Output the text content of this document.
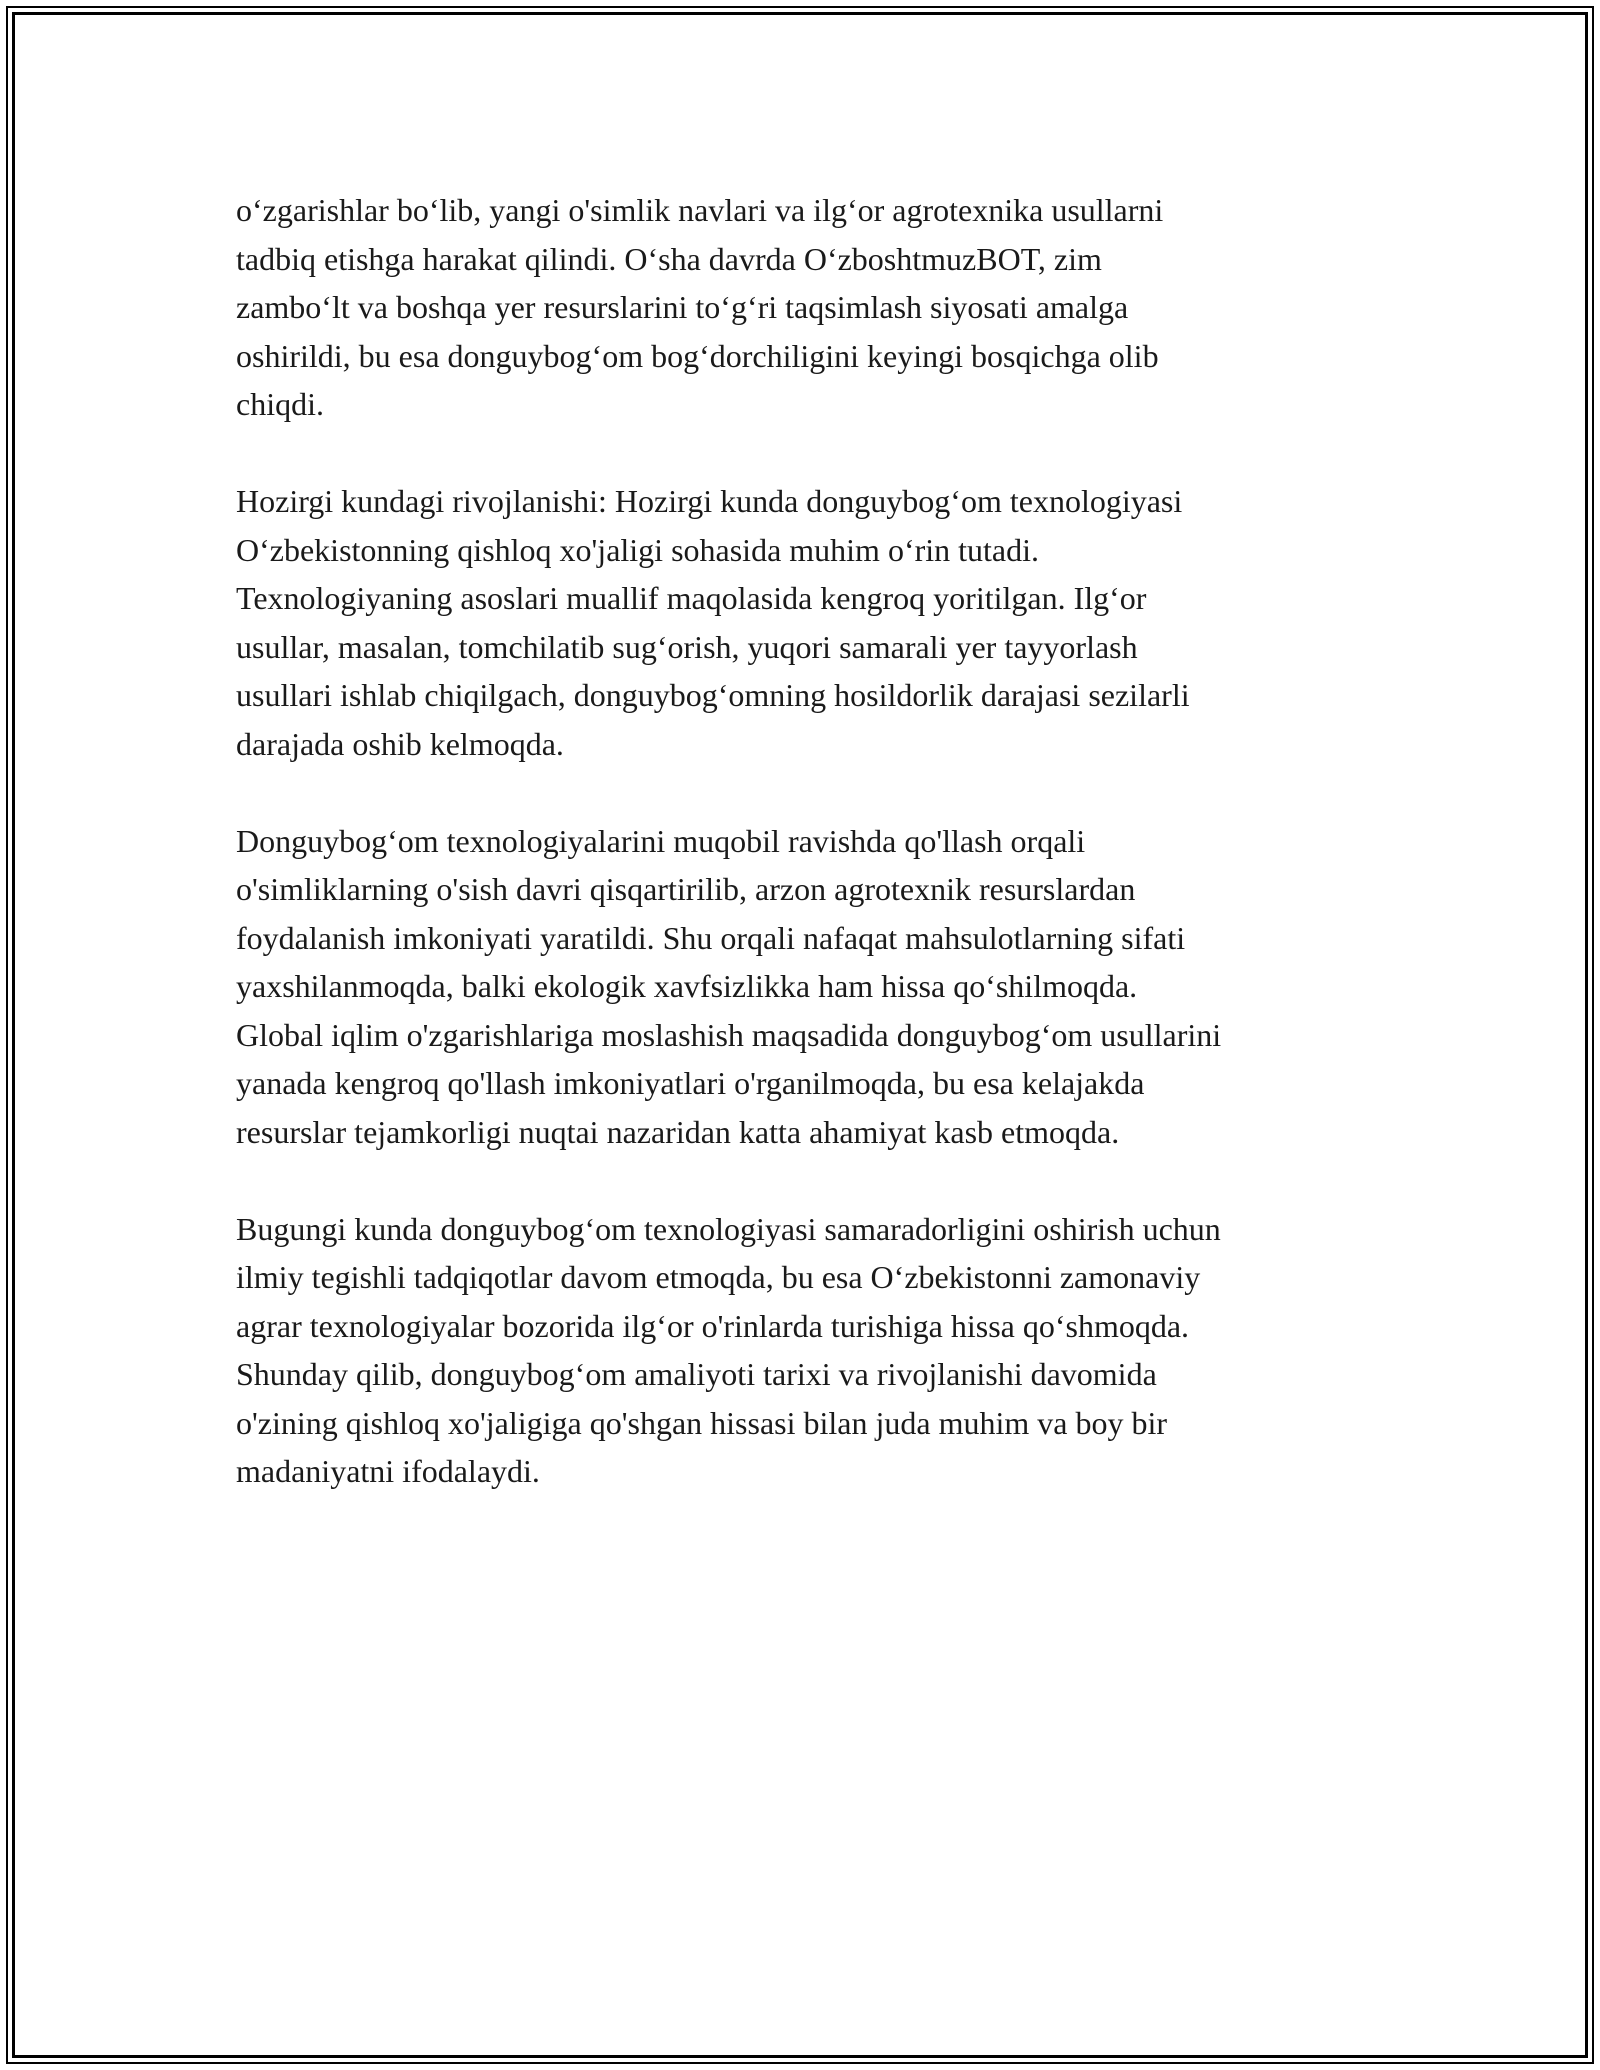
o‘zgarishlar bo‘lib, yangi o'simlik navlari va ilg‘or agrotexnika usullarni
tadbiq etishga harakat qilindi. O‘sha davrda O‘zboshtmuzBOT, zim
zambo‘lt va boshqa yer resurslarini to‘g‘ri taqsimlash siyosati amalga
oshirildi, bu esa donguybog‘om bog‘dorchiligini keyingi bosqichga olib
chiqdi.

Hozirgi kundagi rivojlanishi: Hozirgi kunda donguybog‘om texnologiyasi
O‘zbekistonning qishloq xo'jaligi sohasida muhim o‘rin tutadi.
Texnologiyaning asoslari muallif maqolasida kengroq yoritilgan. Ilg‘or
usullar, masalan, tomchilatib sug‘orish, yuqori samarali yer tayyorlash
usullari ishlab chiqilgach, donguybog‘omning hosildorlik darajasi sezilarli
darajada oshib kelmoqda.

Donguybog‘om texnologiyalarini muqobil ravishda qo'llash orqali
o'simliklarning o'sish davri qisqartirilib, arzon agrotexnik resurslardan
foydalanish imkoniyati yaratildi. Shu orqali nafaqat mahsulotlarning sifati
yaxshilanmoqda, balki ekologik xavfsizlikka ham hissa qo‘shilmoqda.
Global iqlim o'zgarishlariga moslashish maqsadida donguybog‘om usullarini
yanada kengroq qo'llash imkoniyatlari o'rganilmoqda, bu esa kelajakda
resurslar tejamkorligi nuqtai nazaridan katta ahamiyat kasb etmoqda.

Bugungi kunda donguybog‘om texnologiyasi samaradorligini oshirish uchun
ilmiy tegishli tadqiqotlar davom etmoqda, bu esa O‘zbekistonni zamonaviy
agrar texnologiyalar bozorida ilg‘or o'rinlarda turishiga hissa qo‘shmoqda.
Shunday qilib, donguybog‘om amaliyoti tarixi va rivojlanishi davomida
o'zining qishloq xo'jaligiga qo'shgan hissasi bilan juda muhim va boy bir
madaniyatni ifodalaydi.
